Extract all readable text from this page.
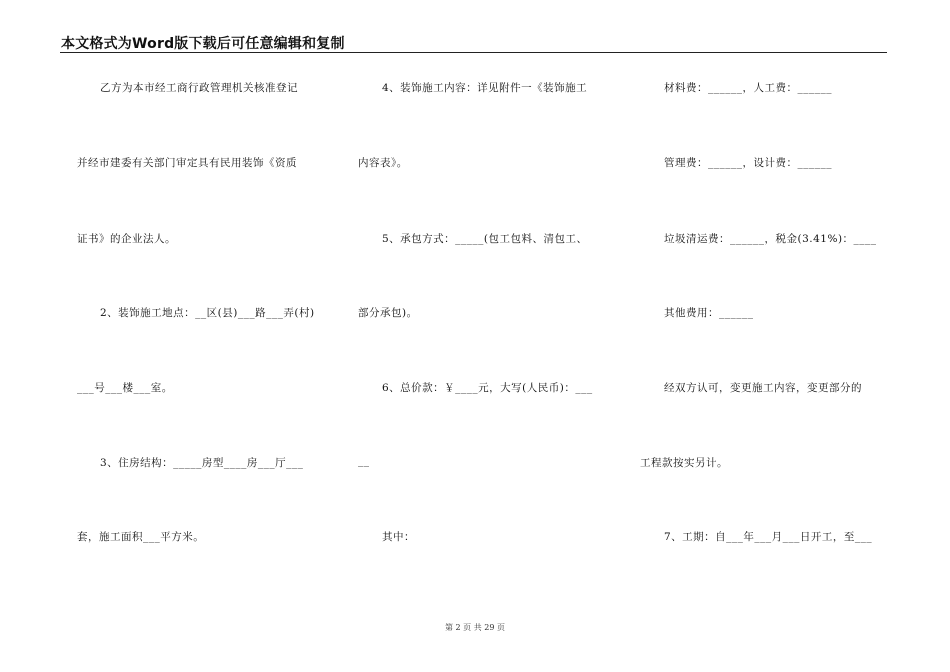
本文格式为Word版下载后可任意编辑和复制
乙方为本市经工商行政管理机关核准登记
并经市建委有关部门审定具有民用装饰《资质
证书》的企业法人。
2、装饰施工地点：__区(县)___路___弄(村)
___号___楼___室。
3、住房结构：_____房型____房___厅___
套，施工面积___平方米。
4、装饰施工内容：详见附件一《装饰施工
内容表》。
5、承包方式：_____(包工包料、清包工、
部分承包)。
6、总价款：￥____元，大写(人民币)：___
__
其中：
材料费：______，人工费：______
管理费：______，设计费：______
垃圾清运费：______，税金(3.41%)：____
其他费用：______
经双方认可，变更施工内容，变更部分的
工程款按实另计。
7、工期：自___年___月___日开工，至___
第 2 页 共 29 页
